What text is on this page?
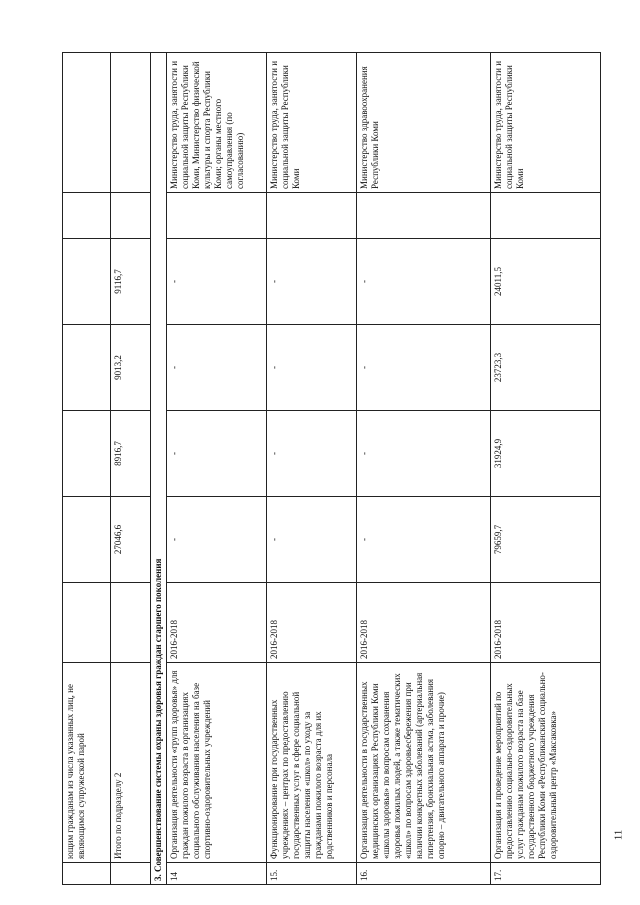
	ющим гражданам из числа указанных лиц, не являющимся супружеской парой							
	Итого по подразделу 2		27046,6	8916,7	9013,2	9116,7		
3. Совершенствование системы охраны здоровья граждан старшего поколения								
14	Организация деятельности «групп здоровья» для граждан пожилого возраста в организациях социального обслуживания населения на базе спортивно-оздоровительных учреждений	2016-2018	-	-	-	-		Министерство труда, занятости и социальной защиты Республики Коми, Министерство физической культуры и спорта Республики Коми; органы местного самоуправления (по согласованию)
15.	Функционирование при государственных учреждениях – центрах по предоставлению государственных услуг в сфере социальной защиты населения «школ» по уходу за гражданами пожилого возраста для их родственников и персонала	2016-2018	-	-	-	-		Министерство труда, занятости и социальной защиты Республики Коми
16.	Организация деятельности в государственных медицинских организациях Республики Коми «школы здоровья» по вопросам сохранения здоровья пожилых людей, а также тематических «школ» по вопросам здоровьесбережения при наличии конкретных заболеваний (артериальная гипертензия, бронхиальная астма, заболевания опорно – двигательного аппарата и прочие)	2016-2018	-	-	-	-		Министерство здравоохранения Республики Коми
17.	Организация и проведение мероприятий по предоставлению социально-оздоровительных услуг гражданам пожилого возраста на базе государственного бюджетного учреждения Республики Коми «Республиканский социально-оздоровительный центр «Максаковка»	2016-2018	79659,7	31924,9	23723,3	24011,5		Министерство труда, занятости и социальной защиты Республики Коми
11
